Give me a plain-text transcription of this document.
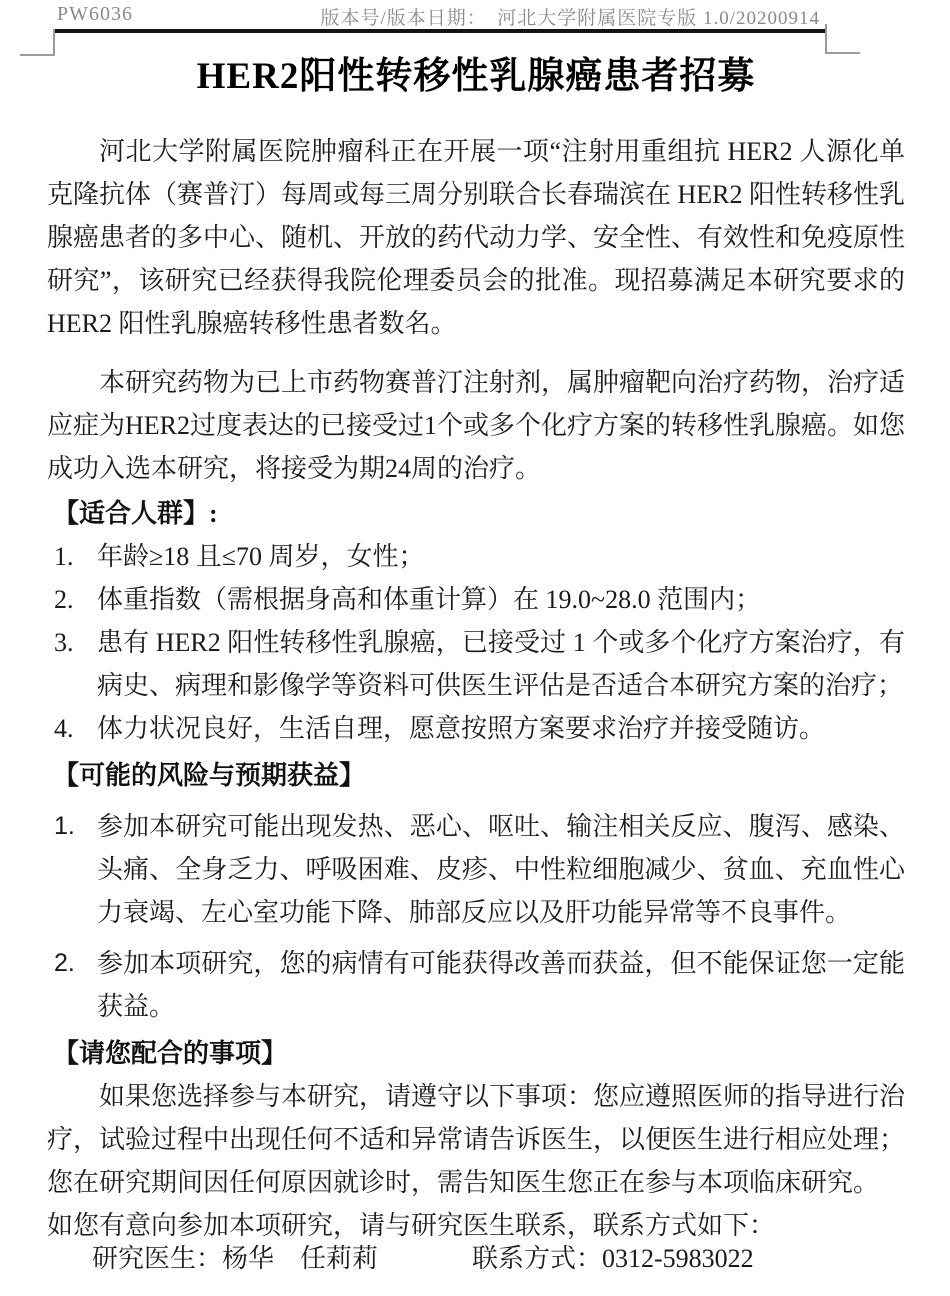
PW6036	版本号/版本日期：　河北大学附属医院专版 1.0/20200914
HER2阳性转移性乳腺癌患者招募

河北大学附属医院肿瘤科正在开展一项“注射用重组抗 HER2 人源化单克隆抗体（赛普汀）每周或每三周分别联合长春瑞滨在 HER2 阳性转移性乳腺癌患者的多中心、随机、开放的药代动力学、安全性、有效性和免疫原性研究”，该研究已经获得我院伦理委员会的批准。现招募满足本研究要求的 HER2 阳性乳腺癌转移性患者数名。

本研究药物为已上市药物赛普汀注射剂，属肿瘤靶向治疗药物，治疗适应症为HER2过度表达的已接受过1个或多个化疗方案的转移性乳腺癌。如您成功入选本研究，将接受为期24周的治疗。

【适合人群】:
1. 年龄≥18 且≤70 周岁，女性；
2. 体重指数（需根据身高和体重计算）在 19.0~28.0 范围内；
3. 患有 HER2 阳性转移性乳腺癌，已接受过 1 个或多个化疗方案治疗，有病史、病理和影像学等资料可供医生评估是否适合本研究方案的治疗；
4. 体力状况良好，生活自理，愿意按照方案要求治疗并接受随访。
【可能的风险与预期获益】
1. 参加本研究可能出现发热、恶心、呕吐、输注相关反应、腹泻、感染、头痛、全身乏力、呼吸困难、皮疹、中性粒细胞减少、贫血、充血性心力衰竭、左心室功能下降、肺部反应以及肝功能异常等不良事件。
2. 参加本项研究，您的病情有可能获得改善而获益，但不能保证您一定能获益。
【请您配合的事项】

如果您选择参与本研究，请遵守以下事项：您应遵照医师的指导进行治疗，试验过程中出现任何不适和异常请告诉医生，以便医生进行相应处理；您在研究期间因任何原因就诊时，需告知医生您正在参与本项临床研究。

如您有意向参加本项研究，请与研究医生联系，联系方式如下：

研究医生：杨华　任莉莉	联系方式：0312-5983022
